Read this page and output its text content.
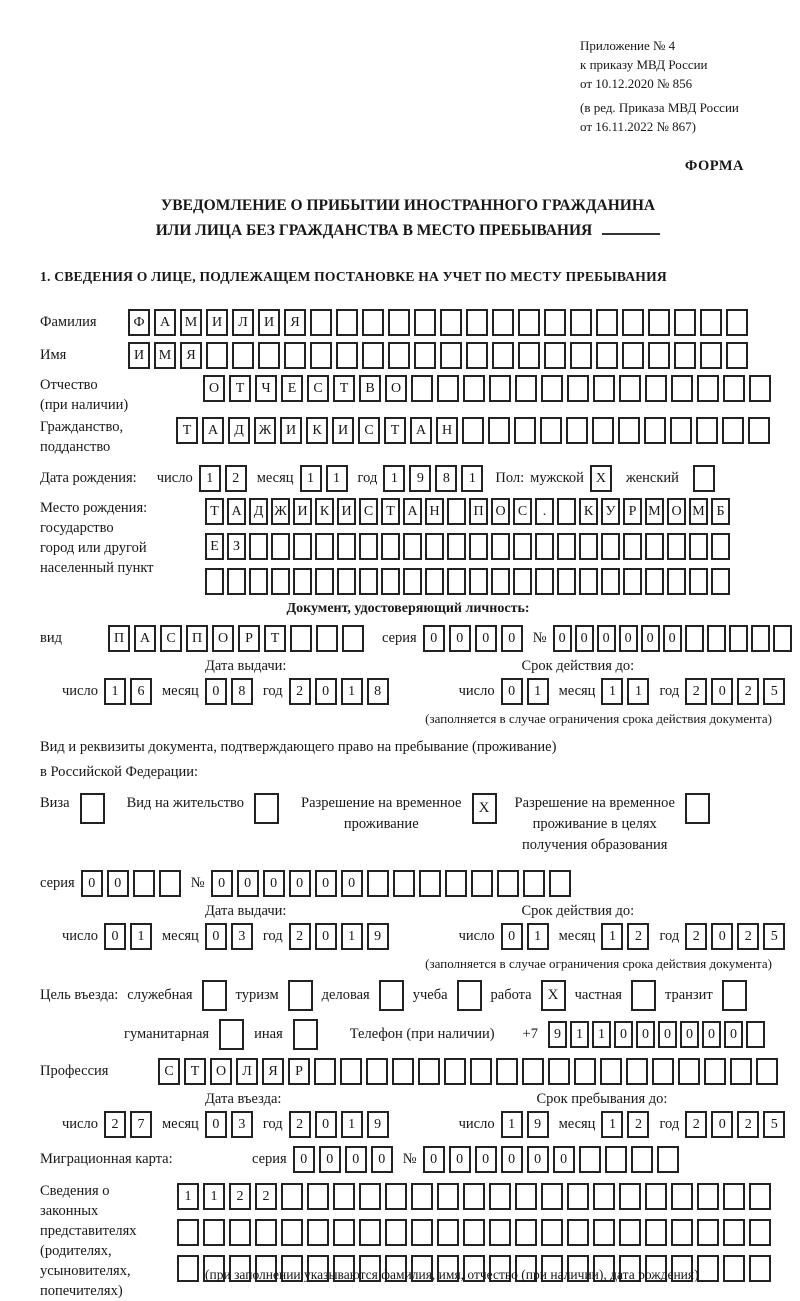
Приложение № 4
к приказу МВД России
от 10.12.2020 № 856
(в ред. Приказа МВД России
от 16.11.2022 № 867)
ФОРМА
УВЕДОМЛЕНИЕ О ПРИБЫТИИ ИНОСТРАННОГО ГРАЖДАНИНА
ИЛИ ЛИЦА БЕЗ ГРАЖДАНСТВА В МЕСТО ПРЕБЫВАНИЯ
1. СВЕДЕНИЯ О ЛИЦЕ, ПОДЛЕЖАЩЕМ ПОСТАНОВКЕ НА УЧЕТ ПО МЕСТУ ПРЕБЫВАНИЯ
Фамилия	Ф	А	М	И	Л	И	Я
Имя	И	М	Я
Отчество
(при наличии)
О	Т	Ч	Е	С	Т	В	О
Гражданство,
подданство
Т	А	Д	Ж	И	К	И	С	Т	А	Н
Дата рождения: число 1	2	месяц 1	1	год 1	9	8	1	Пол: мужской X	женский
Место рождения:
государство
город или другой
населенный пункт
Т А Д Ж И К И С Т А Н	П О С	.	К У Р М О М Б
Е	З
Документ, удостоверяющий личность:
вид	П	А	С	П	О	Р	Т	серия 0	0	0	0	№ 0	0	0	0	0	0
Дата выдачи:	Срок действия до:
число 1	6	месяц 0	8	год 2	0	1	8	число 0	1	месяц 1	1	год 2	0	2	5
(заполняется в случае ограничения срока действия документа)
Вид и реквизиты документа, подтверждающего право на пребывание (проживание)
в Российской Федерации:
Виза	Вид на жительство	Разрешение на временное
проживание
X	Разрешение на временное
проживание в целях
получения образования
серия 0	0	№ 0	0	0	0	0	0
Дата выдачи:	Срок действия до:
число 0	1	месяц 0	3	год 2	0	1	9	число 0	1	месяц 1	2	год 2	0	2	5
(заполняется в случае ограничения срока действия документа)
Цель въезда: служебная	туризм	деловая	учеба	работа	X	частная	транзит
гуманитарная	иная	Телефон (при наличии) +7	9	1	1	0	0	0	0	0	0
Профессия	С	Т	О	Л	Я	Р
Дата въезда:	Срок пребывания до:
число 2	7	месяц 0	3	год 2	0	1	9	число 1	9	месяц 1	2	год 2	0	2	5
Миграционная карта:	серия 0	0	0	0	№ 0	0	0	0	0	0
Сведения о
законных
представителях
(родителях,
усыновителях,
попечителях)
1	1	2	2
(при заполнении указываются фамилия, имя, отчество (при наличии), дата рождения)
